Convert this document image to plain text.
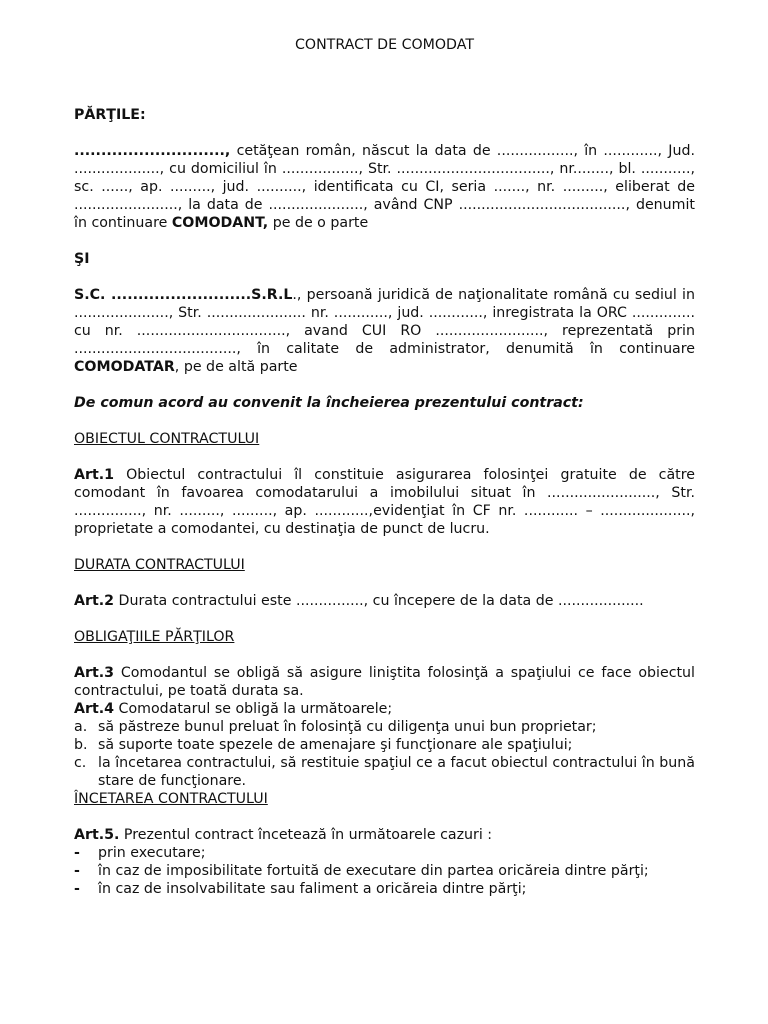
CONTRACT DE COMODAT
PĂRŢILE:

............................, cetăţean român, născut la data de ................., în ............, Jud. ..................., cu domiciliul în ................., Str. .................................., nr........, bl. ..........., sc. ......, ap. ........., jud. .........., identificata cu CI, seria ......., nr. ........., eliberat de ......................., la data de ....................., având CNP ....................................., denumit în continuare COMODANT, pe de o parte

ŞI

S.C. ..........................S.R.L., persoană juridică de naţionalitate română cu sediul in ....................., Str. ...................... nr. ............, jud. ............, inregistrata la ORC .............. cu nr. ................................., avand CUI RO ........................, reprezentată prin ...................................., în calitate de administrator, denumită în continuare COMODATAR, pe de altă parte

De comun acord au convenit la încheierea prezentului contract:

OBIECTUL CONTRACTULUI

Art.1 Obiectul contractului îl constituie asigurarea folosinţei gratuite de către comodant în favoarea comodatarului a imobilului situat în ........................, Str. ..............., nr. ........., ........., ap. ............,evidenţiat în CF nr. ............ – ...................., proprietate a comodantei, cu destinaţia de punct de lucru.

DURATA CONTRACTULUI

Art.2 Durata contractului este ..............., cu începere de la data de ...................

OBLIGAŢIILE PĂRŢILOR

Art.3 Comodantul se obligă să asigure liniştita folosinţă a spaţiului ce face obiectul contractului, pe toată durata sa.

Art.4 Comodatarul se obligă la următoarele;

a. să păstreze bunul preluat în folosinţă cu diligenţa unui bun proprietar;
b. să suporte toate spezele de amenajare şi funcţionare ale spaţiului;
c. la încetarea contractului, să restituie spaţiul ce a facut obiectul contractului în bună stare de funcţionare.
ÎNCETAREA CONTRACTULUI

Art.5. Prezentul contract încetează în următoarele cazuri :

- prin executare;
- în caz de imposibilitate fortuită de executare din partea oricăreia dintre părţi;
- în caz de insolvabilitate sau faliment a oricăreia dintre părţi;
